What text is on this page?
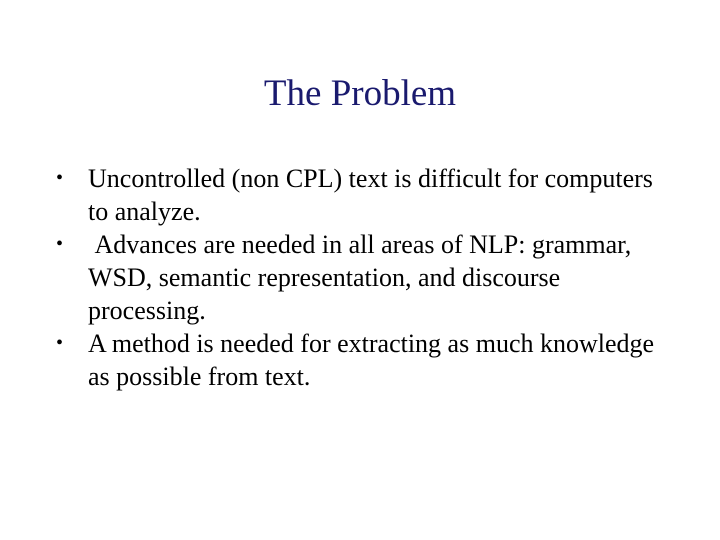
The Problem
• Uncontrolled (non CPL) text is difficult for computers to analyze.
• Advances are needed in all areas of NLP: grammar, WSD, semantic representation, and discourse processing.
• A method is needed for extracting as much knowledge as possible from text.
